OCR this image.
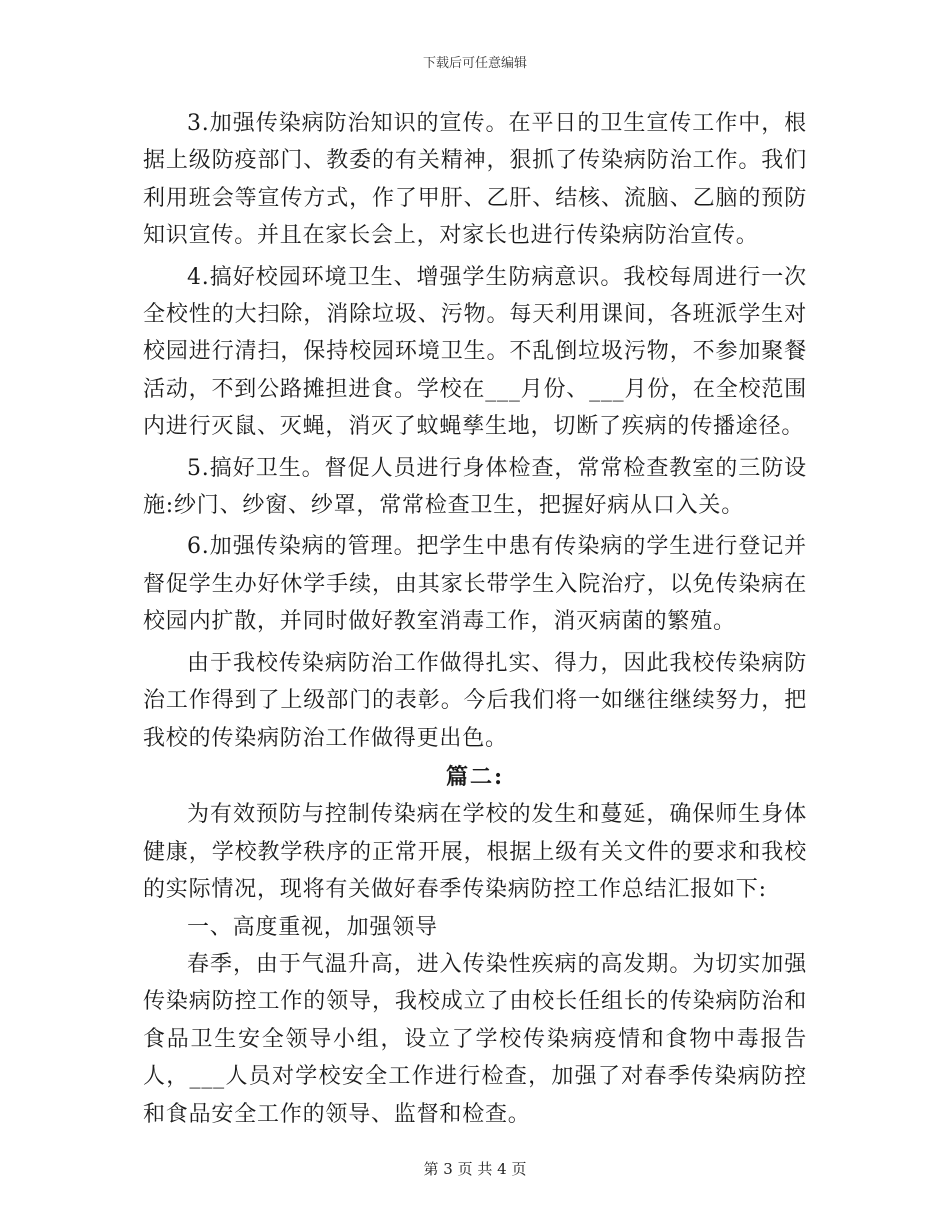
下载后可任意编辑

3.加强传染病防治知识的宣传。在平日的卫生宣传工作中，根据上级防疫部门、教委的有关精神，狠抓了传染病防治工作。我们利用班会等宣传方式，作了甲肝、乙肝、结核、流脑、乙脑的预防知识宣传。并且在家长会上，对家长也进行传染病防治宣传。

4.搞好校园环境卫生、增强学生防病意识。我校每周进行一次全校性的大扫除，消除垃圾、污物。每天利用课间，各班派学生对校园进行清扫，保持校园环境卫生。不乱倒垃圾污物，不参加聚餐活动，不到公路摊担进食。学校在___月份、___月份，在全校范围内进行灭鼠、灭蝇，消灭了蚊蝇孳生地，切断了疾病的传播途径。

5.搞好卫生。督促人员进行身体检查，常常检查教室的三防设施:纱门、纱窗、纱罩，常常检查卫生，把握好病从口入关。

6.加强传染病的管理。把学生中患有传染病的学生进行登记并督促学生办好休学手续，由其家长带学生入院治疗，以免传染病在校园内扩散，并同时做好教室消毒工作，消灭病菌的繁殖。

由于我校传染病防治工作做得扎实、得力，因此我校传染病防治工作得到了上级部门的表彰。今后我们将一如继往继续努力，把我校的传染病防治工作做得更出色。

篇二:

为有效预防与控制传染病在学校的发生和蔓延，确保师生身体健康，学校教学秩序的正常开展，根据上级有关文件的要求和我校的实际情况，现将有关做好春季传染病防控工作总结汇报如下:

一、高度重视，加强领导

春季，由于气温升高，进入传染性疾病的高发期。为切实加强传染病防控工作的领导，我校成立了由校长任组长的传染病防治和食品卫生安全领导小组，设立了学校传染病疫情和食物中毒报告人，___人员对学校安全工作进行检查，加强了对春季传染病防控和食品安全工作的领导、监督和检查。

第 3 页 共 4 页
